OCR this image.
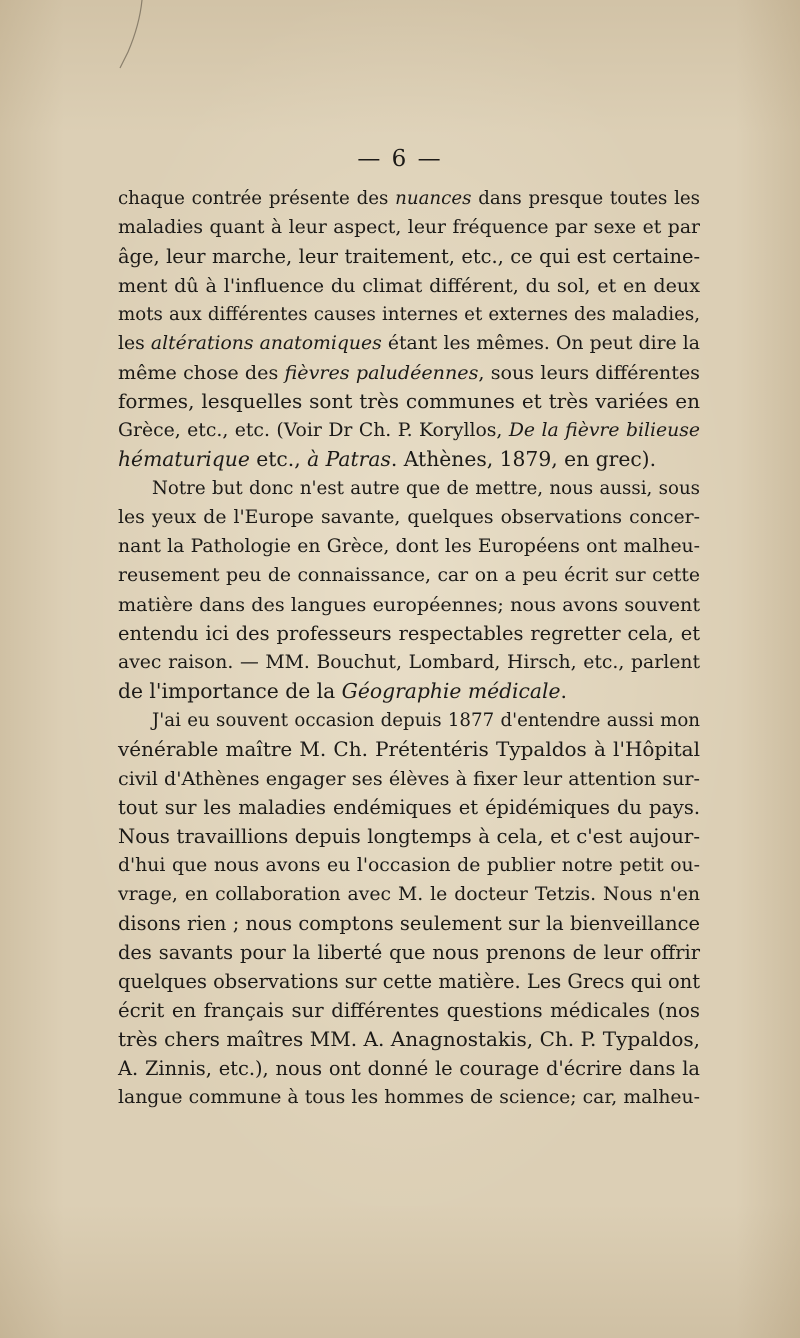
— 6 —
chaque contrée présente des nuances dans presque toutes les
maladies quant à leur aspect, leur fréquence par sexe et par
âge, leur marche, leur traitement, etc., ce qui est certaine-
ment dû à l'influence du climat différent, du sol, et en deux
mots aux différentes causes internes et externes des maladies,
les altérations anatomiques étant les mêmes. On peut dire la
même chose des fièvres paludéennes, sous leurs différentes
formes, lesquelles sont très communes et très variées en
Grèce, etc., etc. (Voir Dr Ch. P. Koryllos, De la fièvre bilieuse
hématurique etc., à Patras. Athènes, 1879, en grec).
Notre but donc n'est autre que de mettre, nous aussi, sous
les yeux de l'Europe savante, quelques observations concer-
nant la Pathologie en Grèce, dont les Européens ont malheu-
reusement peu de connaissance, car on a peu écrit sur cette
matière dans des langues européennes; nous avons souvent
entendu ici des professeurs respectables regretter cela, et
avec raison. — MM. Bouchut, Lombard, Hirsch, etc., parlent
de l'importance de la Géographie médicale.
J'ai eu souvent occasion depuis 1877 d'entendre aussi mon
vénérable maître M. Ch. Prétentéris Typaldos à l'Hôpital
civil d'Athènes engager ses élèves à fixer leur attention sur-
tout sur les maladies endémiques et épidémiques du pays.
Nous travaillions depuis longtemps à cela, et c'est aujour-
d'hui que nous avons eu l'occasion de publier notre petit ou-
vrage, en collaboration avec M. le docteur Tetzis. Nous n'en
disons rien ; nous comptons seulement sur la bienveillance
des savants pour la liberté que nous prenons de leur offrir
quelques observations sur cette matière. Les Grecs qui ont
écrit en français sur différentes questions médicales (nos
très chers maîtres MM. A. Anagnostakis, Ch. P. Typaldos,
A. Zinnis, etc.), nous ont donné le courage d'écrire dans la
langue commune à tous les hommes de science; car, malheu-
